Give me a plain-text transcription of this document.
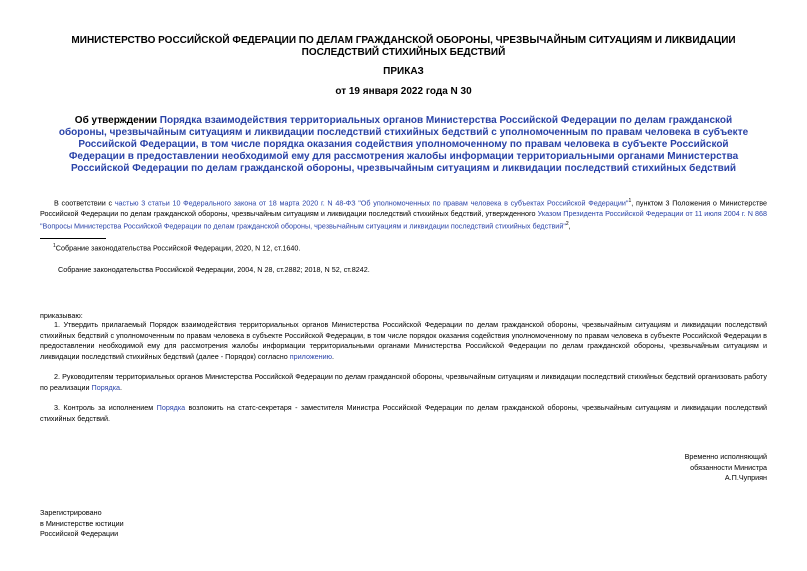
МИНИСТЕРСТВО РОССИЙСКОЙ ФЕДЕРАЦИИ ПО ДЕЛАМ ГРАЖДАНСКОЙ ОБОРОНЫ, ЧРЕЗВЫЧАЙНЫМ СИТУАЦИЯМ И ЛИКВИДАЦИИ ПОСЛЕДСТВИЙ СТИХИЙНЫХ БЕДСТВИЙ
ПРИКАЗ
от 19 января 2022 года N 30
Об утверждении Порядка взаимодействия территориальных органов Министерства Российской Федерации по делам гражданской обороны, чрезвычайным ситуациям и ликвидации последствий стихийных бедствий с уполномоченным по правам человека в субъекте Российской Федерации, в том числе порядка оказания содействия уполномоченному по правам человека в субъекте Российской Федерации в предоставлении необходимой ему для рассмотрения жалобы информации территориальными органами Министерства Российской Федерации по делам гражданской обороны, чрезвычайным ситуациям и ликвидации последствий стихийных бедствий
В соответствии с частью 3 статьи 10 Федерального закона от 18 марта 2020 г. N 48-ФЗ "Об уполномоченных по правам человека в субъектах Российской Федерации"$^1$, пунктом 3 Положения о Министерстве Российской Федерации по делам гражданской обороны, чрезвычайным ситуациям и ликвидации последствий стихийных бедствий, утвержденного Указом Президента Российской Федерации от 11 июля 2004 г. N 868 "Вопросы Министерства Российской Федерации по делам гражданской обороны, чрезвычайным ситуациям и ликвидации последствий стихийных бедствий"$^2$,
$^1$Собрание законодательства Российской Федерации, 2020, N 12, ст.1640.
Собрание законодательства Российской Федерации, 2004, N 28, ст.2882; 2018, N 52, ст.8242.
приказываю:
1. Утвердить прилагаемый Порядок взаимодействия территориальных органов Министерства Российской Федерации по делам гражданской обороны, чрезвычайным ситуациям и ликвидации последствий стихийных бедствий с уполномоченным по правам человека в субъекте Российской Федерации, в том числе порядок оказания содействия уполномоченному по правам человека в субъекте Российской Федерации в предоставлении необходимой ему для рассмотрения жалобы информации территориальными органами Министерства Российской Федерации по делам гражданской обороны, чрезвычайным ситуациям и ликвидации последствий стихийных бедствий (далее - Порядок) согласно приложению.
2. Руководителям территориальных органов Министерства Российской Федерации по делам гражданской обороны, чрезвычайным ситуациям и ликвидации последствий стихийных бедствий организовать работу по реализации Порядка.
3. Контроль за исполнением Порядка возложить на статс-секретаря - заместителя Министра Российской Федерации по делам гражданской обороны, чрезвычайным ситуациям и ликвидации последствий стихийных бедствий.
Временно исполняющий
обязанности Министра
А.П.Чуприян
Зарегистрировано
в Министерстве юстиции
Российской Федерации
